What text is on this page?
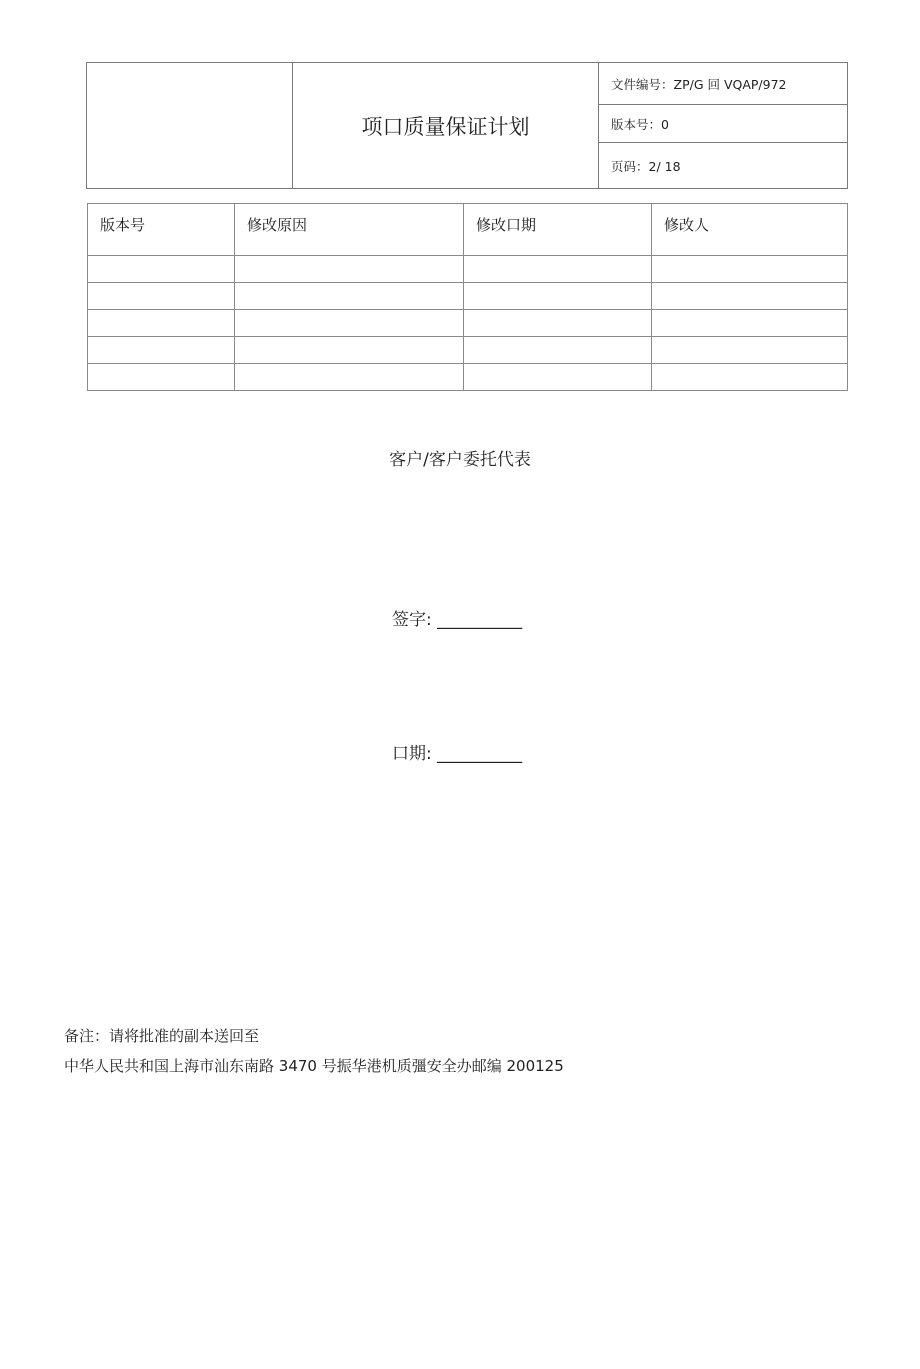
	项口质量保证计划	文件编号：ZP/G 回 VQAP/972
版本号：0
页码：2/ 18
版本号	修改原因	修改口期	修改人

客户/客户委托代表
签字: __________
口期: __________
备注：请将批准的副本送回至
中华人民共和国上海市汕东南路 3470 号振华港机质彊安全办邮编 200125
